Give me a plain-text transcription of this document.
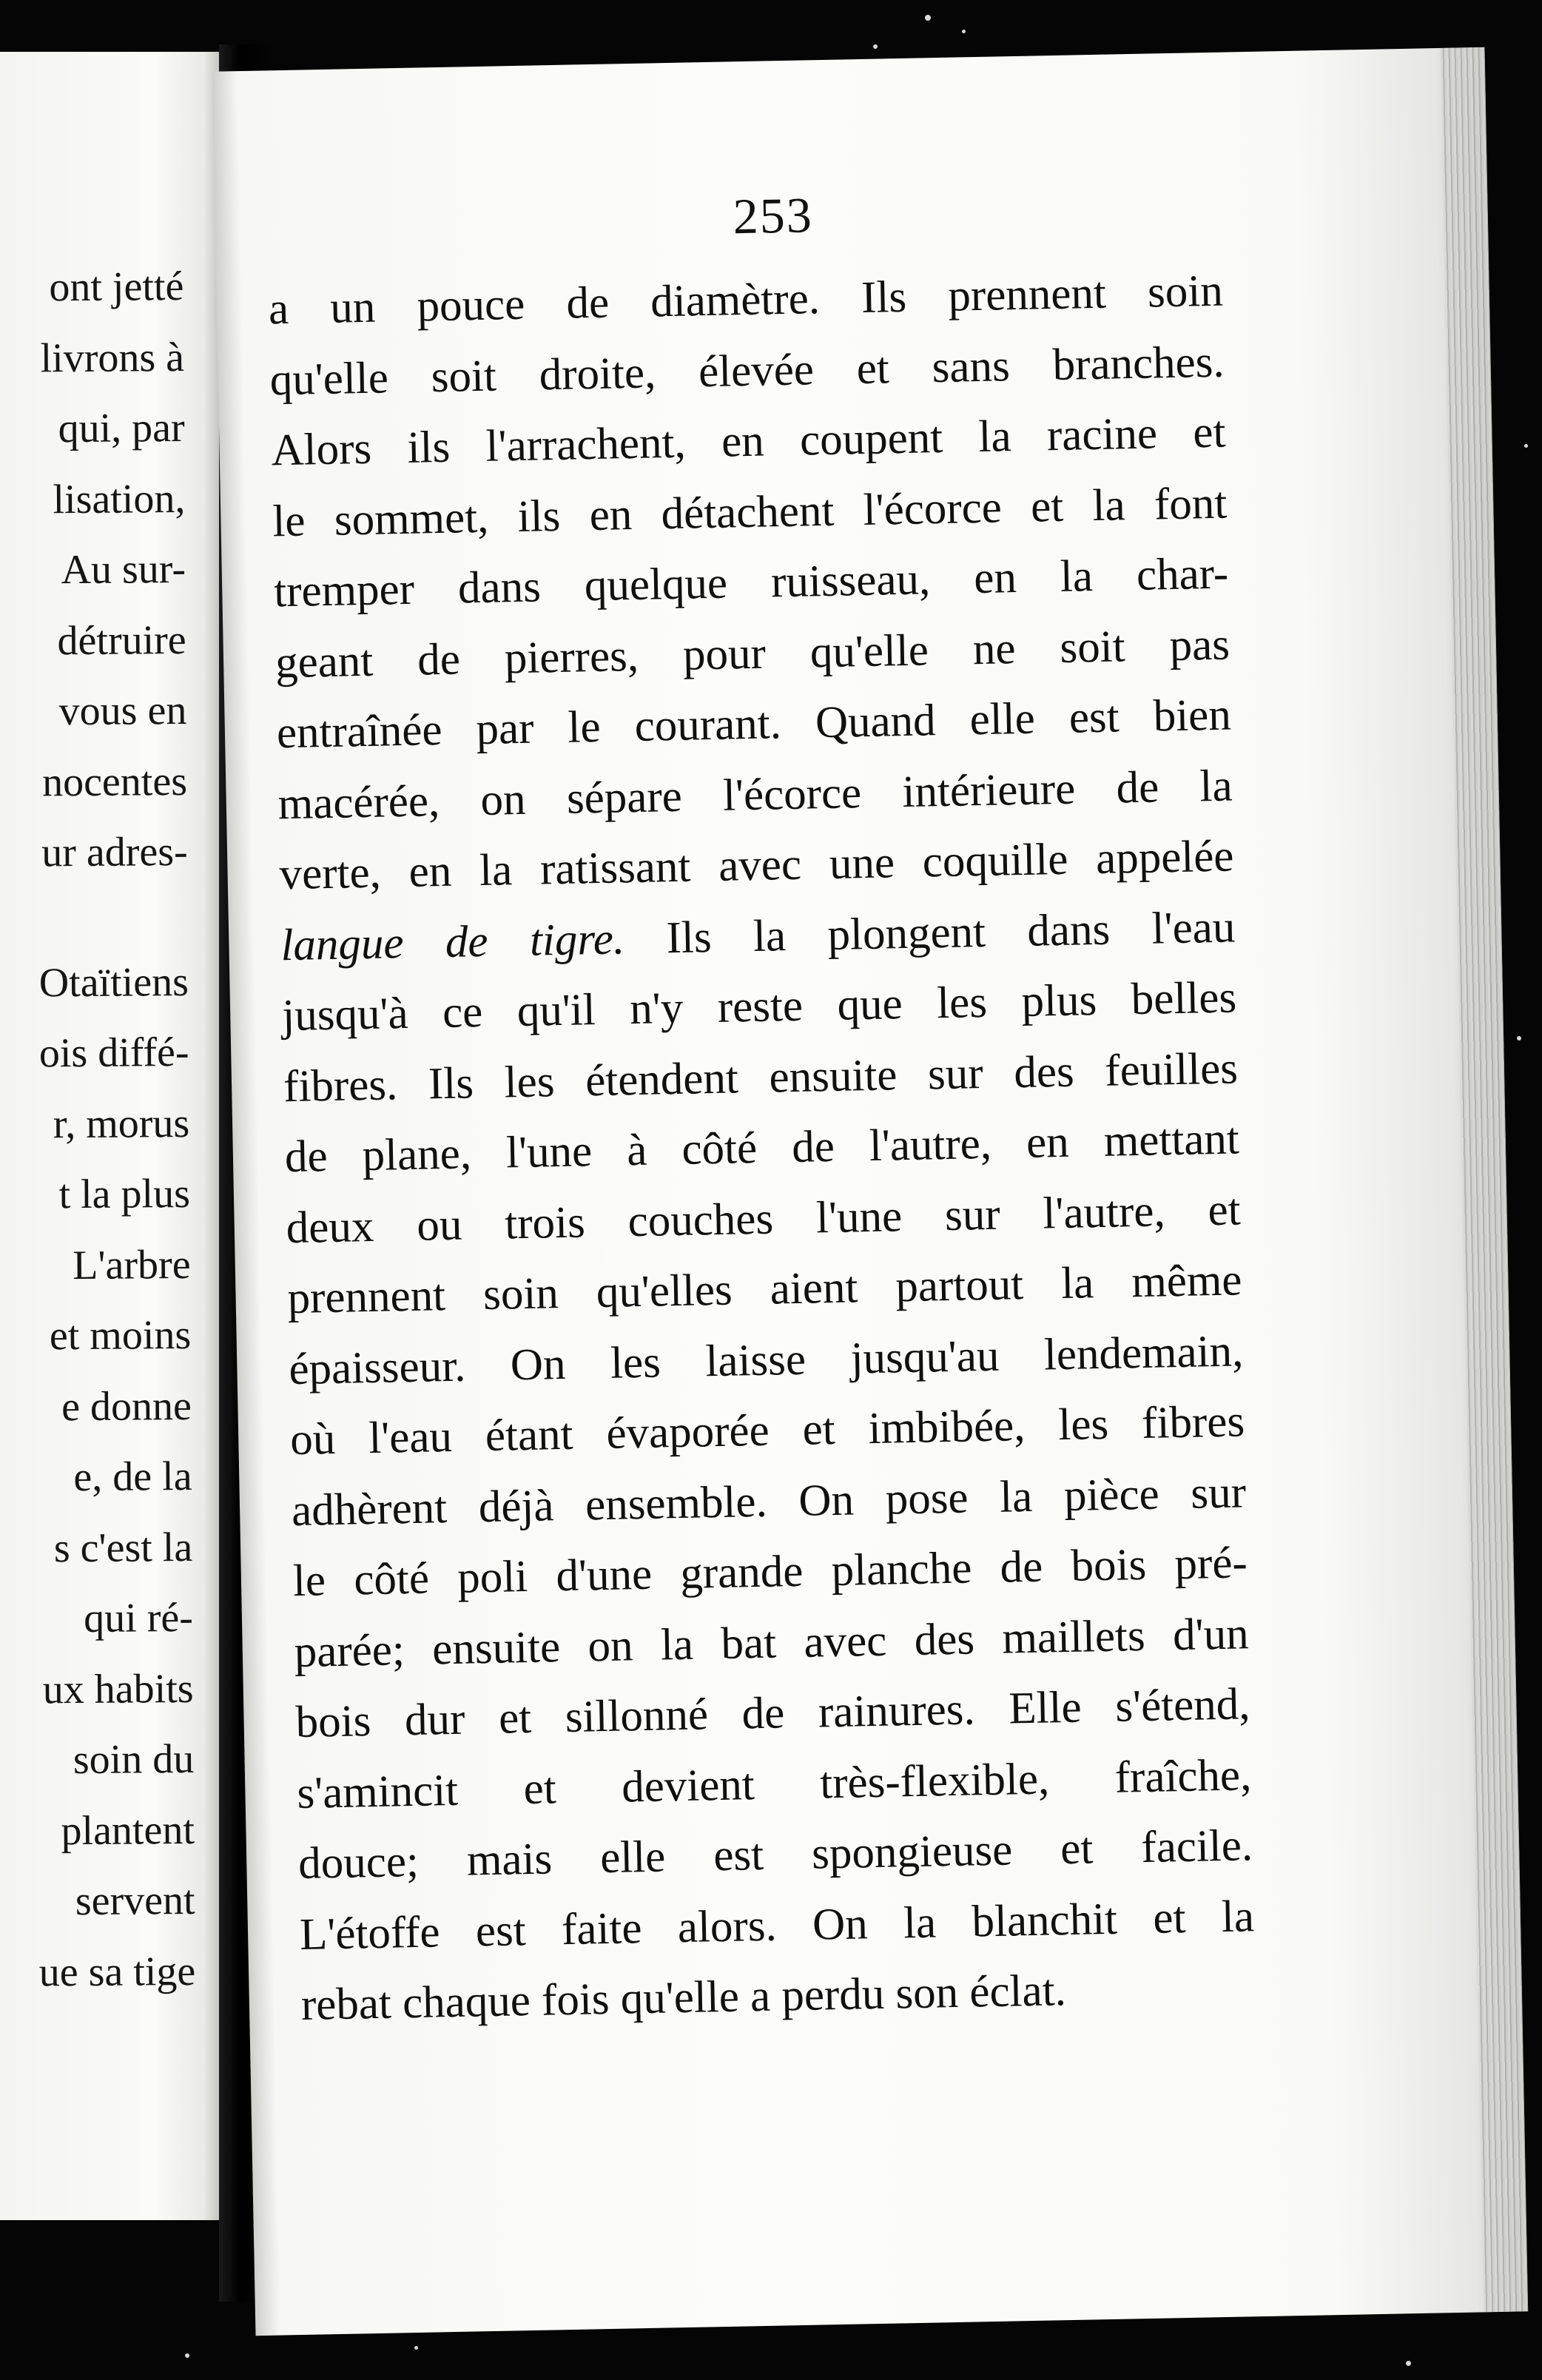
ont jetté
livrons à
qui, par
lisation,
Au sur-
détruire
vous en
nocentes
ur adres-
Otaïtiens
ois diffé-
r, morus
t la plus
L'arbre
et moins
e donne
e, de la
s c'est la
qui ré-
ux habits
soin du
plantent
servent
ue sa tige
253
a un pouce de diamètre. Ils prennent soin
qu'elle soit droite, élevée et sans branches.
Alors ils l'arrachent, en coupent la racine et
le sommet, ils en détachent l'écorce et la font
tremper dans quelque ruisseau, en la char-
geant de pierres, pour qu'elle ne soit pas
entraînée par le courant. Quand elle est bien
macérée, on sépare l'écorce intérieure de la
verte, en la ratissant avec une coquille appelée
langue de tigre. Ils la plongent dans l'eau
jusqu'à ce qu'il n'y reste que les plus belles
fibres. Ils les étendent ensuite sur des feuilles
de plane, l'une à côté de l'autre, en mettant
deux ou trois couches l'une sur l'autre, et
prennent soin qu'elles aient partout la même
épaisseur. On les laisse jusqu'au lendemain,
où l'eau étant évaporée et imbibée, les fibres
adhèrent déjà ensemble. On pose la pièce sur
le côté poli d'une grande planche de bois pré-
parée; ensuite on la bat avec des maillets d'un
bois dur et sillonné de rainures. Elle s'étend,
s'amincit et devient très-flexible, fraîche,
douce; mais elle est spongieuse et facile.
L'étoffe est faite alors. On la blanchit et la
rebat chaque fois qu'elle a perdu son éclat.
